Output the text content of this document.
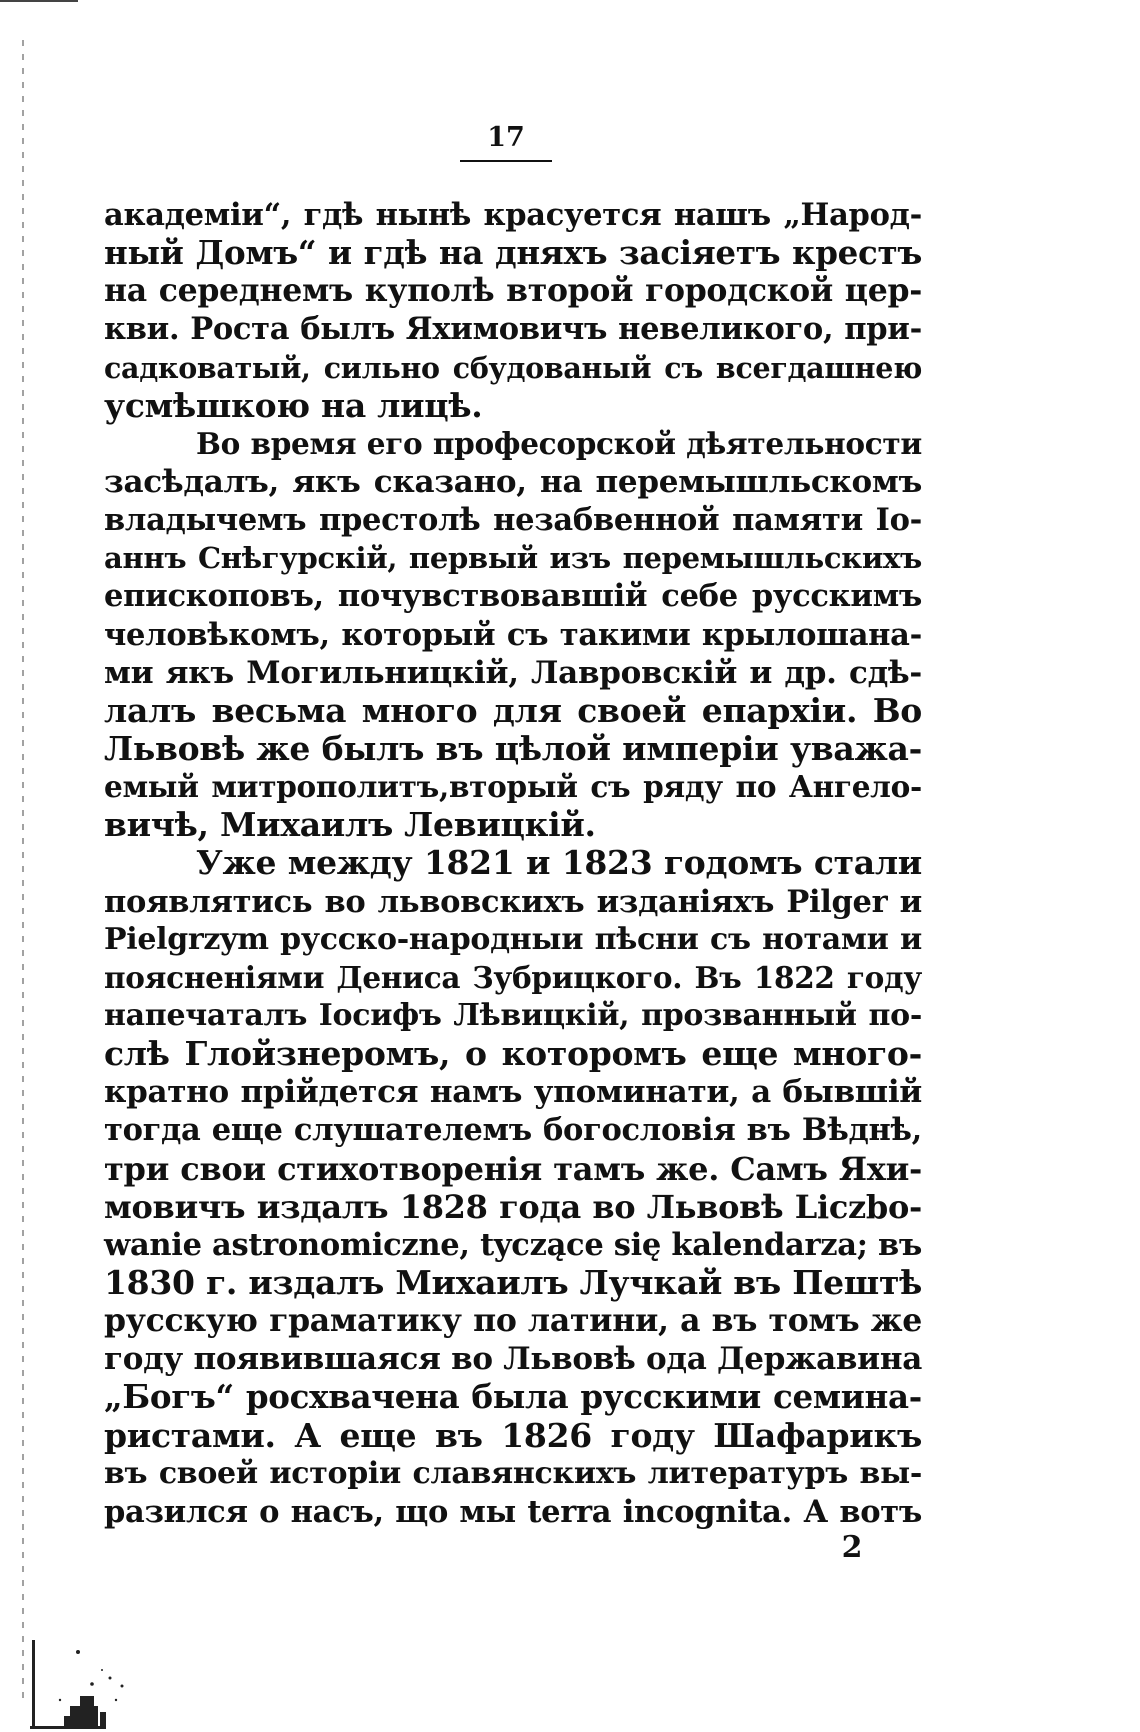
17
академіи“, гдѣ нынѣ красуется нашъ „Народ-
ный Домъ“ и гдѣ на дняхъ засіяетъ крестъ
на середнемъ куполѣ второй городской цер-
кви. Роста былъ Яхимовичъ невеликого, при-
садковатый, сильно сбудованый съ всегдашнею
усмѣшкою на лицѣ.
Во время его професорской дѣятельности
засѣдалъ, якъ сказано, на перемышльскомъ
владычемъ престолѣ незабвенной памяти Іо-
аннъ Снѣгурскій, первый изъ перемышльскихъ
епископовъ, почувствовавшій себе русскимъ
человѣкомъ, который съ такими крылошана-
ми якъ Могильницкій, Лавровскій и др. сдѣ-
лалъ весьма много для своей епархіи. Во
Львовѣ же былъ въ цѣлой имперіи уважа-
емый митрополитъ,вторый съ ряду по Ангело-
вичѣ, Михаилъ Левицкій.
Уже между 1821 и 1823 годомъ стали
появлятись во львовскихъ изданіяхъ Pilger и
Pielgrzym русско-народныи пѣсни съ нотами и
поясненіями Дениса Зубрицкого. Въ 1822 году
напечаталъ Іосифъ Лѣвицкій, прозванный по-
слѣ Глойзнеромъ, о которомъ еще много-
кратно прійдется намъ упоминати, а бывшій
тогда еще слушателемъ богословія въ Вѣднѣ,
три свои стихотворенія тамъ же. Самъ Яхи-
мовичъ издалъ 1828 года во Львовѣ Liczbo-
wanie astronomiczne, tyczące się kalendarza; въ
1830 г. издалъ Михаилъ Лучкай въ Пештѣ
русскую граматику по латини, а въ томъ же
году появившаяся во Львовѣ ода Державина
„Богъ“ росхвачена была русскими семина-
ристами. А еще въ 1826 году Шафарикъ
въ своей исторіи славянскихъ литературъ вы-
разился о насъ, що мы terra incognita. А вотъ
2
